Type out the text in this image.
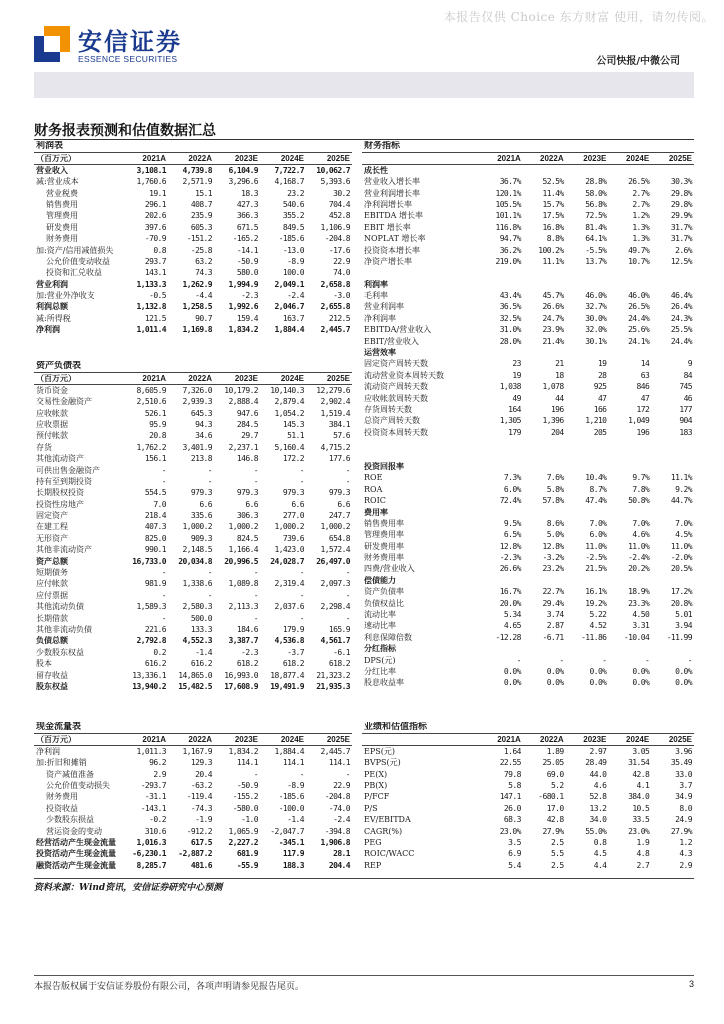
本报告仅供 Choice 东方财富 使用，请勿传阅。
安信证券
ESSENCE SECURITIES	公司快报/中微公司
财务报表预测和估值数据汇总
利润表					
（百万元）	2021A	2022A	2023E	2024E	2025E
营业收入	3,108.1	4,739.8	6,104.9	7,722.7	10,062.7
减:营业成本	1,760.6	2,571.9	3,296.6	4,168.7	5,393.6
营业税费	19.1	15.1	18.3	23.2	30.2
销售费用	296.1	408.7	427.3	540.6	704.4
管理费用	202.6	235.9	366.3	355.2	452.8
研发费用	397.6	605.3	671.5	849.5	1,106.9
财务费用	-70.9	-151.2	-165.2	-185.6	-204.8
加:资产/信用减值损失	0.8	-25.8	-14.1	-13.0	-17.6
公允价值变动收益	293.7	63.2	-50.9	-8.9	22.9
投资和汇兑收益	143.1	74.3	580.0	100.0	74.0
营业利润	1,133.3	1,262.9	1,994.9	2,049.1	2,658.8
加:营业外净收支	-0.5	-4.4	-2.3	-2.4	-3.0
利润总额	1,132.8	1,258.5	1,992.6	2,046.7	2,655.8
减:所得税	121.5	90.7	159.4	163.7	212.5
净利润	1,011.4	1,169.8	1,834.2	1,884.4	2,445.7
资产负债表					
（百万元）	2021A	2022A	2023E	2024E	2025E
货币资金	8,605.9	7,326.0	10,179.2	10,140.3	12,279.6
交易性金融资产	2,510.6	2,939.3	2,888.4	2,879.4	2,902.4
应收帐款	526.1	645.3	947.6	1,054.2	1,519.4
应收票据	95.9	94.3	284.5	145.3	384.1
预付帐款	20.8	34.6	29.7	51.1	57.6
存货	1,762.2	3,401.9	2,237.1	5,160.4	4,715.2
其他流动资产	156.1	213.8	146.8	172.2	177.6
可供出售金融资产	-	-	-	-	-
持有至到期投资	-	-	-	-	-
长期股权投资	554.5	979.3	979.3	979.3	979.3
投资性房地产	7.0	6.6	6.6	6.6	6.6
固定资产	218.4	335.6	306.3	277.0	247.7
在建工程	407.3	1,000.2	1,000.2	1,000.2	1,000.2
无形资产	825.0	909.3	824.5	739.6	654.8
其他非流动资产	990.1	2,148.5	1,166.4	1,423.0	1,572.4
资产总额	16,733.0	20,034.8	20,996.5	24,028.7	26,497.0
短期债务	-	-	-	-	-
应付帐款	981.9	1,338.6	1,089.8	2,319.4	2,097.3
应付票据	-	-	-	-	-
其他流动负债	1,589.3	2,580.3	2,113.3	2,037.6	2,298.4
长期借款	-	500.0	-	-	-
其他非流动负债	221.6	133.3	184.6	179.9	165.9
负债总额	2,792.8	4,552.3	3,387.7	4,536.8	4,561.7
少数股东权益	0.2	-1.4	-2.3	-3.7	-6.1
股本	616.2	616.2	618.2	618.2	618.2
留存收益	13,336.1	14,865.0	16,993.0	18,877.4	21,323.2
股东权益	13,940.2	15,482.5	17,608.9	19,491.9	21,935.3
财务指标					
	2021A	2022A	2023E	2024E	2025E
成长性					
营业收入增长率	36.7%	52.5%	28.8%	26.5%	30.3%
营业利润增长率	120.1%	11.4%	58.0%	2.7%	29.8%
净利润增长率	105.5%	15.7%	56.8%	2.7%	29.8%
EBITDA 增长率	101.1%	17.5%	72.5%	1.2%	29.9%
EBIT 增长率	116.8%	16.8%	81.4%	1.3%	31.7%
NOPLAT 增长率	94.7%	8.8%	64.1%	1.3%	31.7%
投资资本增长率	36.2%	100.2%	-5.5%	49.7%	2.6%
净资产增长率	219.0%	11.1%	13.7%	10.7%	12.5%

利润率					
毛利率	43.4%	45.7%	46.0%	46.0%	46.4%
营业利润率	36.5%	26.6%	32.7%	26.5%	26.4%
净利润率	32.5%	24.7%	30.0%	24.4%	24.3%
EBITDA/营业收入	31.0%	23.9%	32.0%	25.6%	25.5%
EBIT/营业收入	28.0%	21.4%	30.1%	24.1%	24.4%
运营效率					
固定资产周转天数	23	21	19	14	9
流动营业资本周转天数	19	18	28	63	84
流动资产周转天数	1,038	1,078	925	846	745
应收帐款周转天数	49	44	47	47	46
存货周转天数	164	196	166	172	177
总资产周转天数	1,305	1,396	1,210	1,049	904
投资资本周转天数	179	204	205	196	183

投资回报率					
ROE	7.3%	7.6%	10.4%	9.7%	11.1%
ROA	6.0%	5.8%	8.7%	7.8%	9.2%
ROIC	72.4%	57.8%	47.4%	50.8%	44.7%
费用率					
销售费用率	9.5%	8.6%	7.0%	7.0%	7.0%
管理费用率	6.5%	5.0%	6.0%	4.6%	4.5%
研发费用率	12.8%	12.8%	11.0%	11.0%	11.0%
财务费用率	-2.3%	-3.2%	-2.5%	-2.4%	-2.0%
四费/营业收入	26.6%	23.2%	21.5%	20.2%	20.5%
偿债能力					
资产负债率	16.7%	22.7%	16.1%	18.9%	17.2%
负债权益比	20.0%	29.4%	19.2%	23.3%	20.8%
流动比率	5.34	3.74	5.22	4.50	5.01
速动比率	4.65	2.87	4.52	3.31	3.94
利息保障倍数	-12.28	-6.71	-11.86	-10.04	-11.99
分红指标					
DPS(元)	-	-	-	-	-
分红比率	0.0%	0.0%	0.0%	0.0%	0.0%
股息收益率	0.0%	0.0%	0.0%	0.0%	0.0%
现金流量表					
（百万元）	2021A	2022A	2023E	2024E	2025E
净利润	1,011.3	1,167.9	1,834.2	1,884.4	2,445.7
加:折旧和摊销	96.2	129.3	114.1	114.1	114.1
资产减值准备	2.9	20.4	-	-	-
公允价值变动损失	-293.7	-63.2	-50.9	-8.9	22.9
财务费用	-31.1	-119.4	-155.2	-185.6	-204.8
投资收益	-143.1	-74.3	-580.0	-100.0	-74.0
少数股东损益	-0.2	-1.9	-1.0	-1.4	-2.4
营运资金的变动	310.6	-912.2	1,065.9	-2,047.7	-394.8
经营活动产生现金流量	1,016.3	617.5	2,227.2	-345.1	1,906.8
投资活动产生现金流量	-6,230.1	-2,887.2	681.9	117.9	28.1
融资活动产生现金流量	8,285.7	481.6	-55.9	188.3	204.4
业绩和估值指标					
	2021A	2022A	2023E	2024E	2025E
EPS(元)	1.64	1.89	2.97	3.05	3.96
BVPS(元)	22.55	25.05	28.49	31.54	35.49
PE(X)	79.8	69.0	44.0	42.8	33.0
PB(X)	5.8	5.2	4.6	4.1	3.7
P/FCF	147.1	-680.1	52.8	384.0	34.9
P/S	26.0	17.0	13.2	10.5	8.0
EV/EBITDA	68.3	42.8	34.0	33.5	24.9
CAGR(%)	23.0%	27.9%	55.0%	23.0%	27.9%
PEG	3.5	2.5	0.8	1.9	1.2
ROIC/WACC	6.9	5.5	4.5	4.8	4.3
REP	5.4	2.5	4.4	2.7	2.9
资料来源：Wind资讯，安信证券研究中心预测
本报告版权属于安信证券股份有限公司，各项声明请参见报告尾页。	3
